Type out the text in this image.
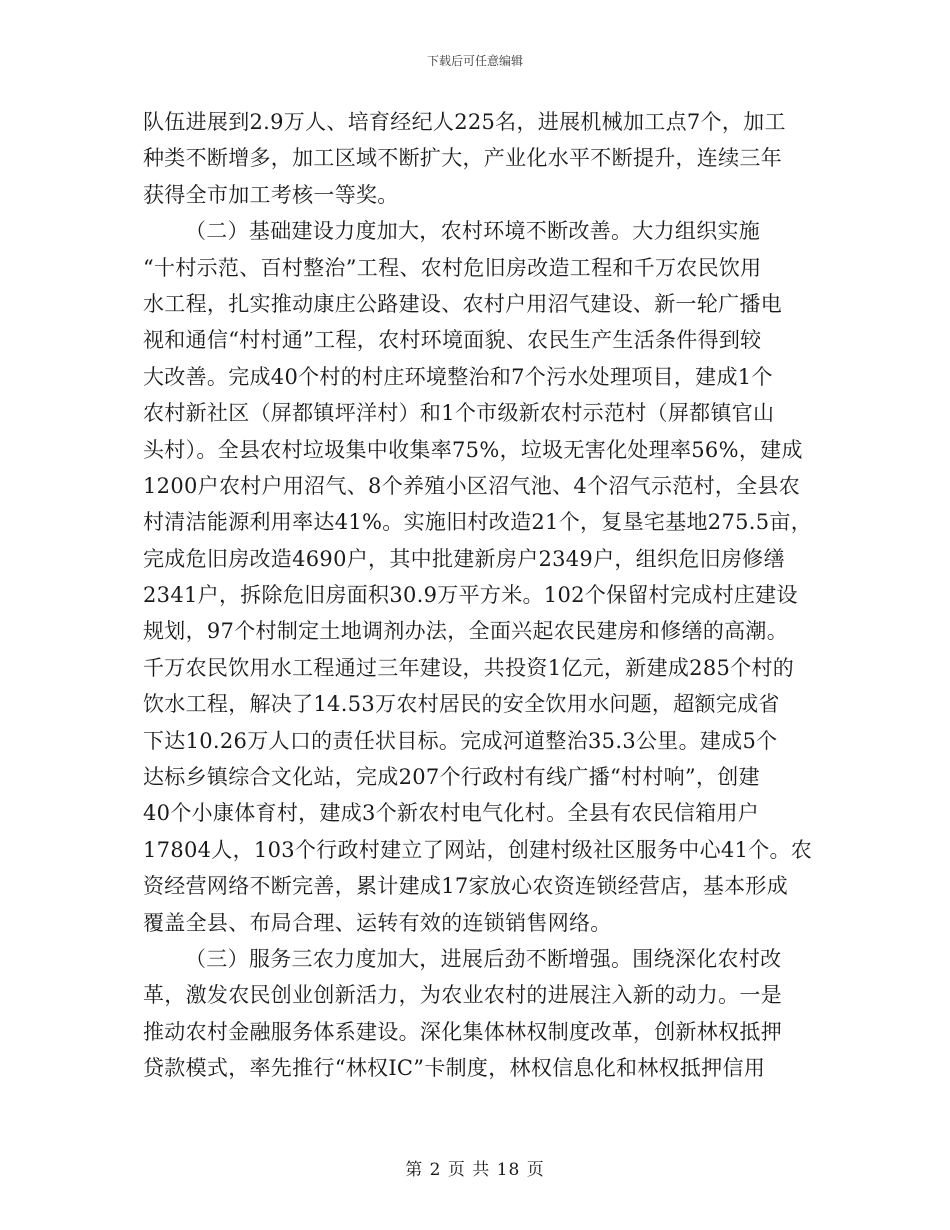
下载后可任意编辑
队伍进展到2.9万人、培育经纪人225名，进展机械加工点7个，加工
种类不断增多，加工区域不断扩大，产业化水平不断提升，连续三年
获得全市加工考核一等奖。
（二）基础建设力度加大，农村环境不断改善。大力组织实施
“十村示范、百村整治”工程、农村危旧房改造工程和千万农民饮用
水工程，扎实推动康庄公路建设、农村户用沼气建设、新一轮广播电
视和通信“村村通”工程，农村环境面貌、农民生产生活条件得到较
大改善。完成40个村的村庄环境整治和7个污水处理项目，建成1个
农村新社区（屏都镇坪洋村）和1个市级新农村示范村（屏都镇官山
头村）。全县农村垃圾集中收集率75%，垃圾无害化处理率56%，建成
1200户农村户用沼气、8个养殖小区沼气池、4个沼气示范村，全县农
村清洁能源利用率达41%。实施旧村改造21个，复垦宅基地275.5亩，
完成危旧房改造4690户，其中批建新房户2349户，组织危旧房修缮
2341户，拆除危旧房面积30.9万平方米。102个保留村完成村庄建设
规划，97个村制定土地调剂办法，全面兴起农民建房和修缮的高潮。
千万农民饮用水工程通过三年建设，共投资1亿元，新建成285个村的
饮水工程，解决了14.53万农村居民的安全饮用水问题，超额完成省
下达10.26万人口的责任状目标。完成河道整治35.3公里。建成5个
达标乡镇综合文化站，完成207个行政村有线广播“村村响”，创建
40个小康体育村，建成3个新农村电气化村。全县有农民信箱用户
17804人，103个行政村建立了网站，创建村级社区服务中心41个。农
资经营网络不断完善，累计建成17家放心农资连锁经营店，基本形成
覆盖全县、布局合理、运转有效的连锁销售网络。
（三）服务三农力度加大，进展后劲不断增强。围绕深化农村改
革，激发农民创业创新活力，为农业农村的进展注入新的动力。一是
推动农村金融服务体系建设。深化集体林权制度改革，创新林权抵押
贷款模式，率先推行“林权IC”卡制度，林权信息化和林权抵押信用
第 2 页 共 18 页
